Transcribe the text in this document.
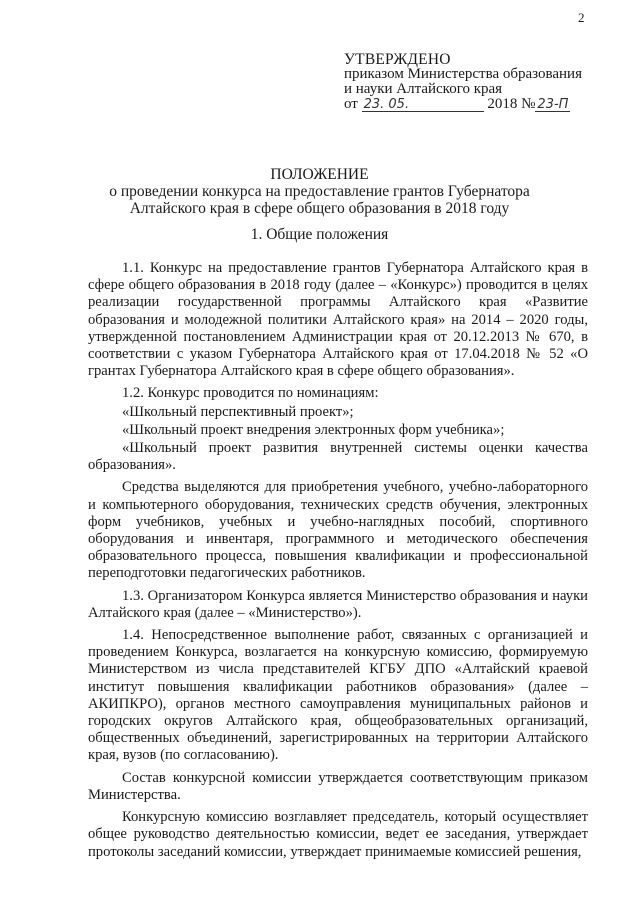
2
УТВЕРЖДЕНО
приказом Министерства образования
и науки Алтайского края
от 23. 05.	2018 № 23-П
ПОЛОЖЕНИЕ
о проведении конкурса на предоставление грантов Губернатора
Алтайского края в сфере общего образования в 2018 году
1. Общие положения

1.1. Конкурс на предоставление грантов Губернатора Алтайского края в сфере общего образования в 2018 году (далее – «Конкурс») проводится в целях реализации государственной программы Алтайского края «Развитие образования и молодежной политики Алтайского края» на 2014 – 2020 годы, утвержденной постановлением Администрации края от 20.12.2013 № 670, в соответствии с указом Губернатора Алтайского края от 17.04.2018 № 52 «О грантах Губернатора Алтайского края в сфере общего образования».

1.2. Конкурс проводится по номинациям:

«Школьный перспективный проект»;

«Школьный проект внедрения электронных форм учебника»;

«Школьный проект развития внутренней системы оценки качества образования».

Средства выделяются для приобретения учебного, учебно-лабораторного и компьютерного оборудования, технических средств обучения, электронных форм учебников, учебных и учебно-наглядных пособий, спортивного оборудования и инвентаря, программного и методического обеспечения образовательного процесса, повышения квалификации и профессиональной переподготовки педагогических работников.

1.3. Организатором Конкурса является Министерство образования и науки Алтайского края (далее – «Министерство»).

1.4. Непосредственное выполнение работ, связанных с организацией и проведением Конкурса, возлагается на конкурсную комиссию, формируемую Министерством из числа представителей КГБУ ДПО «Алтайский краевой институт повышения квалификации работников образования» (далее – АКИПКРО), органов местного самоуправления муниципальных районов и городских округов Алтайского края, общеобразовательных организаций, общественных объединений, зарегистрированных на территории Алтайского края, вузов (по согласованию).

Состав конкурсной комиссии утверждается соответствующим приказом Министерства.

Конкурсную комиссию возглавляет председатель, который осуществляет общее руководство деятельностью комиссии, ведет ее заседания, утверждает протоколы заседаний комиссии, утверждает принимаемые комиссией решения,
